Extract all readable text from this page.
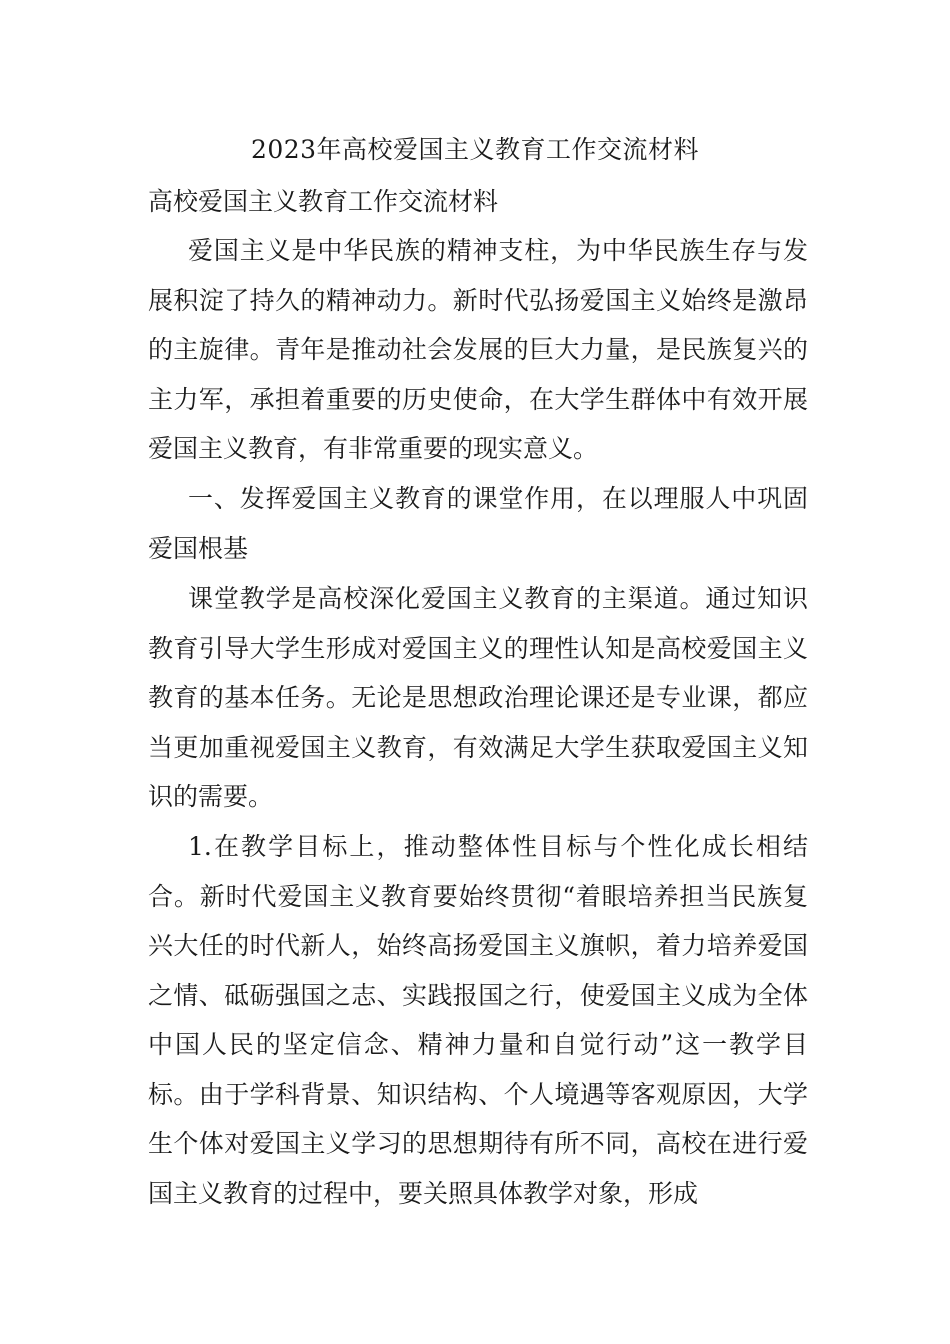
2023年高校爱国主义教育工作交流材料
高校爱国主义教育工作交流材料

爱国主义是中华民族的精神支柱，为中华民族生存与发展积淀了持久的精神动力。新时代弘扬爱国主义始终是激昂的主旋律。青年是推动社会发展的巨大力量，是民族复兴的主力军，承担着重要的历史使命，在大学生群体中有效开展爱国主义教育，有非常重要的现实意义。

一、发挥爱国主义教育的课堂作用，在以理服人中巩固爱国根基

课堂教学是高校深化爱国主义教育的主渠道。通过知识教育引导大学生形成对爱国主义的理性认知是高校爱国主义教育的基本任务。无论是思想政治理论课还是专业课，都应当更加重视爱国主义教育，有效满足大学生获取爱国主义知识的需要。

1.在教学目标上，推动整体性目标与个性化成长相结合。新时代爱国主义教育要始终贯彻“着眼培养担当民族复兴大任的时代新人，始终高扬爱国主义旗帜，着力培养爱国之情、砥砺强国之志、实践报国之行，使爱国主义成为全体中国人民的坚定信念、精神力量和自觉行动”这一教学目标。由于学科背景、知识结构、个人境遇等客观原因，大学生个体对爱国主义学习的思想期待有所不同，高校在进行爱国主义教育的过程中，要关照具体教学对象，形成
